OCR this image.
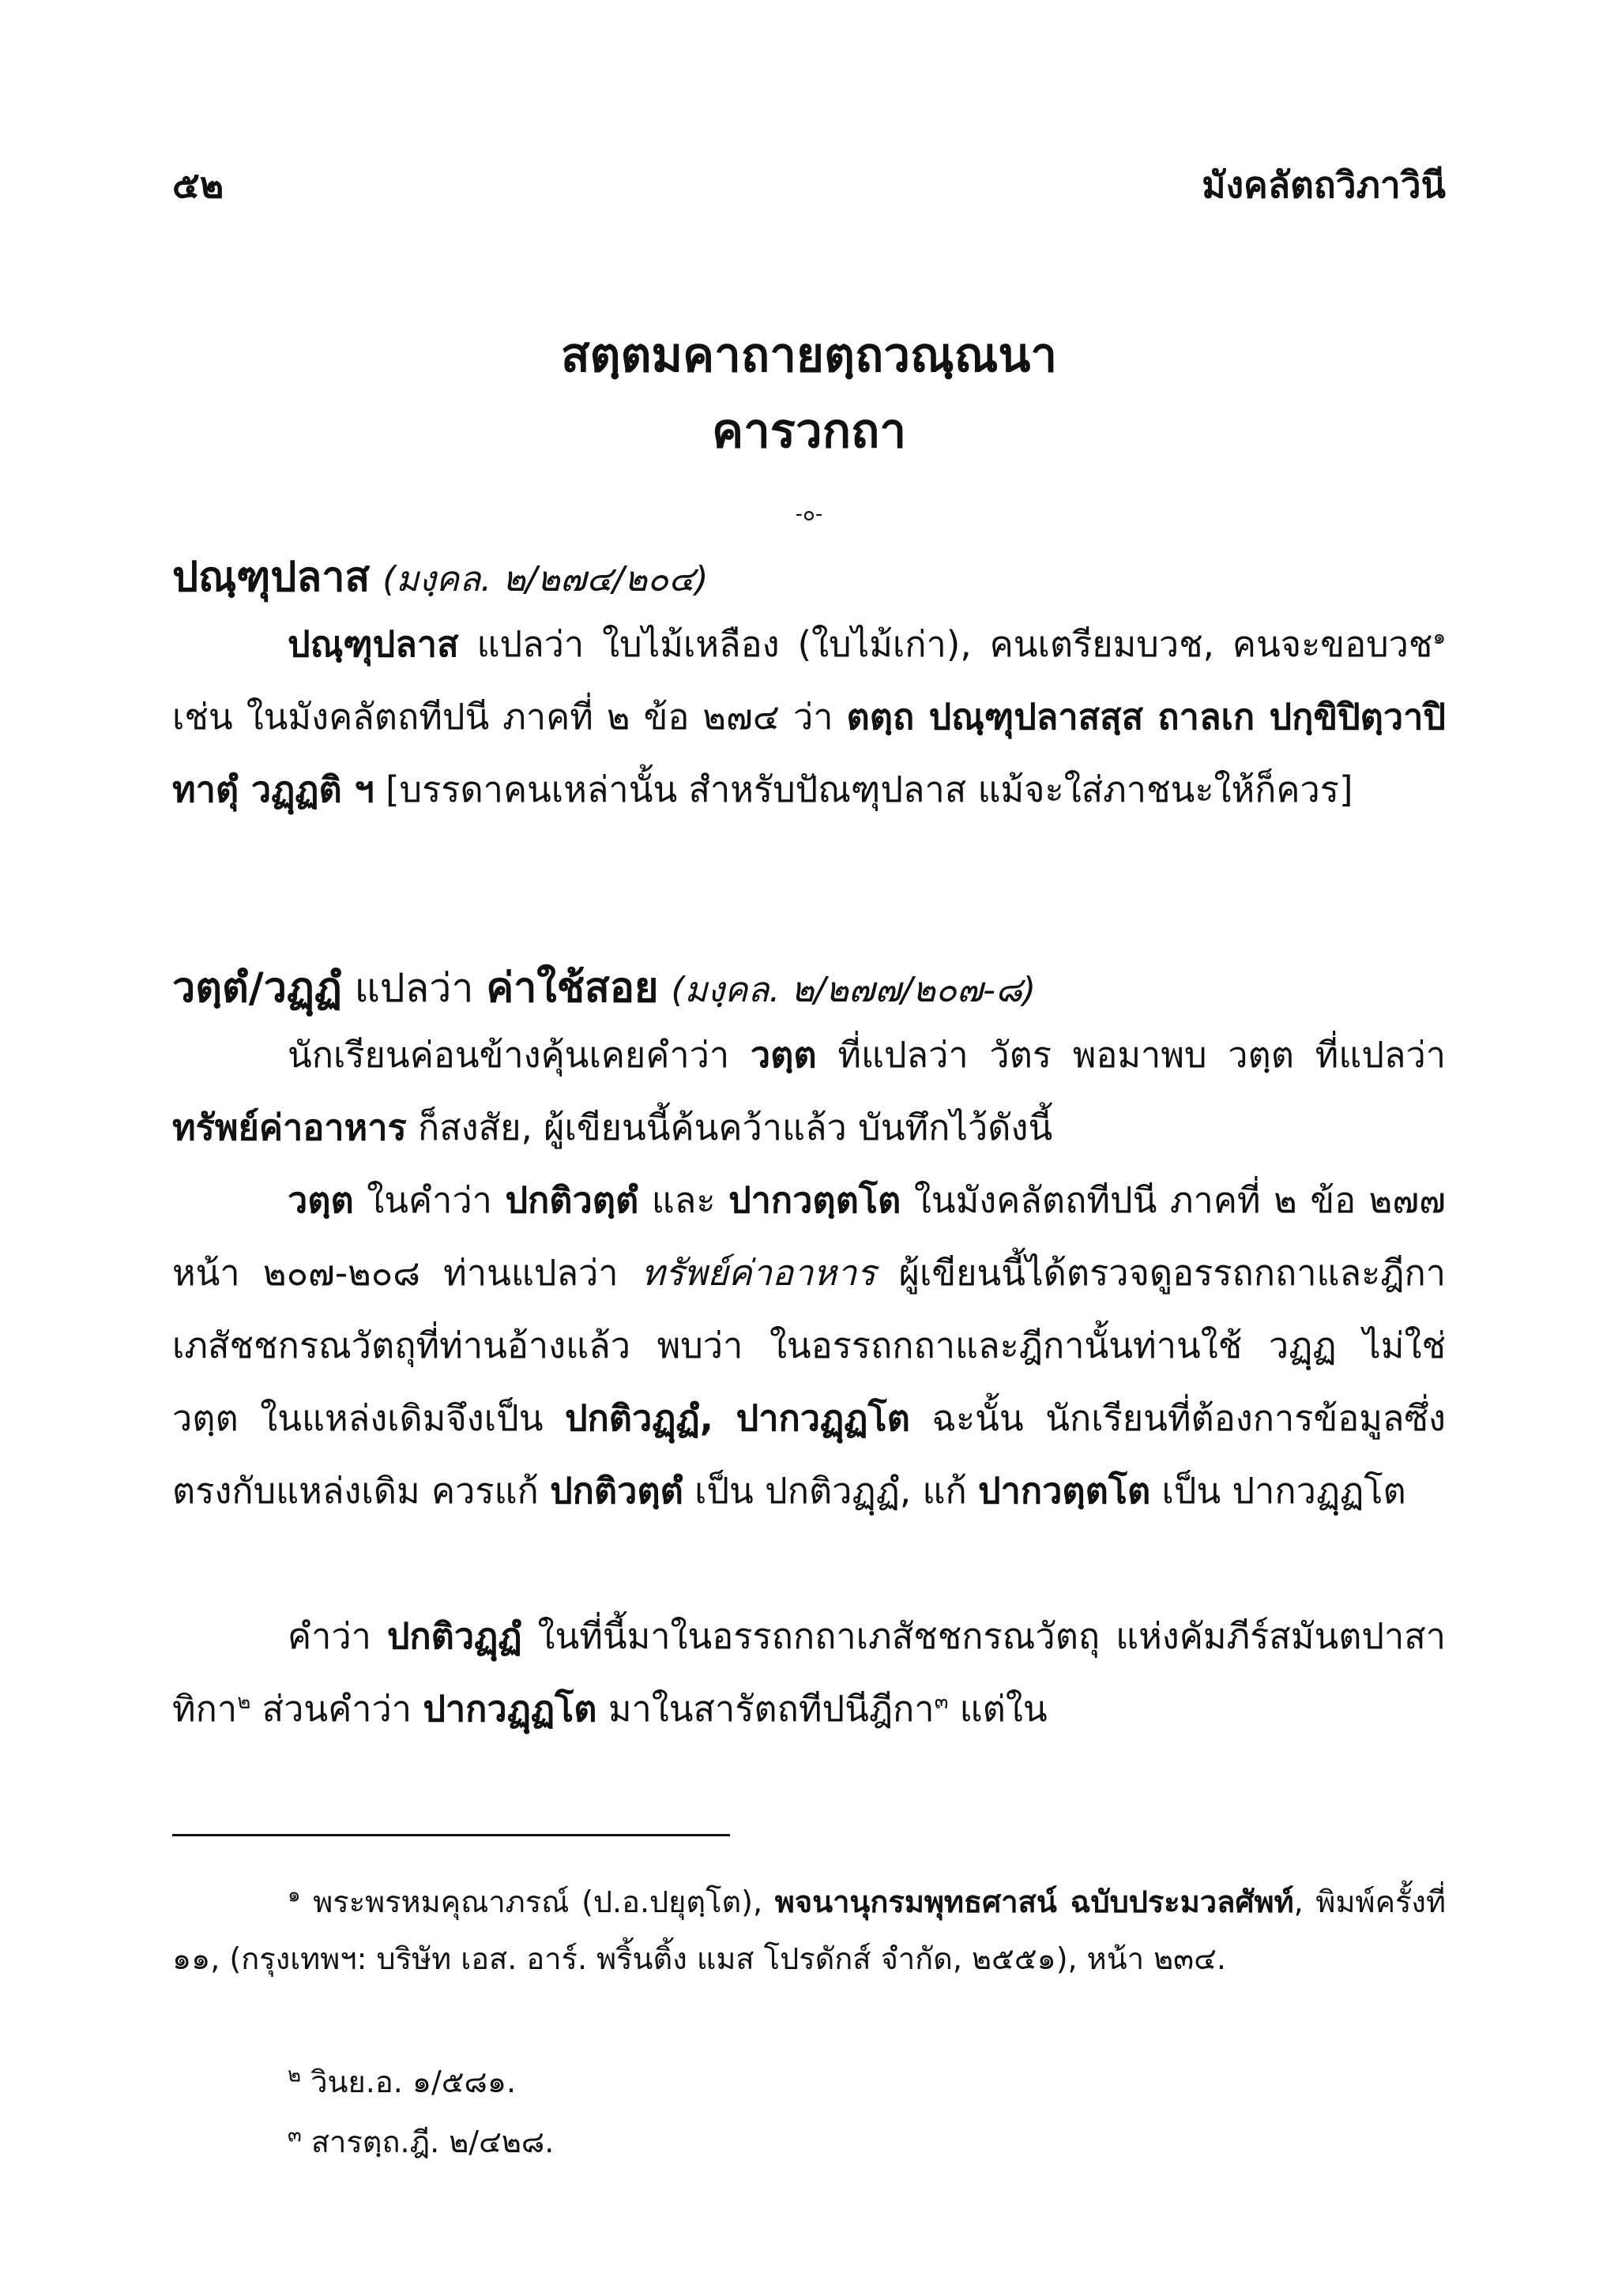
๕๒	มังคลัตถวิภาวินี
สตฺตมคาถายตฺถวณฺณนา
คารวกถา
-๐-
ปณฺฑุปลาส (มงฺคล. ๒/๒๗๔/๒๐๔)
ปณฺฑุปลาส แปลว่า ใบไม้เหลือง (ใบไม้เก่า), คนเตรียมบวช, คนจะขอบวช$^๑$ เช่น ในมังคลัตถทีปนี ภาคที่ ๒ ข้อ ๒๗๔ ว่า ตตฺถ ปณฺฑุปลาสสฺส ถาลเก ปกฺขิปิตฺวาปิ ทาตุํ วฏฺฏติ ฯ [บรรดาคนเหล่านั้น สำหรับปัณฑุปลาส แม้จะใส่ภาชนะให้ก็ควร]
วตฺตํ/วฏฺฏํ แปลว่า ค่าใช้สอย (มงฺคล. ๒/๒๗๗/๒๐๗-๘)
นักเรียนค่อนข้างคุ้นเคยคำว่า วตฺต ที่แปลว่า วัตร พอมาพบ วตฺต ที่แปลว่า ทรัพย์ค่าอาหาร ก็สงสัย, ผู้เขียนนี้ค้นคว้าแล้ว บันทึกไว้ดังนี้
วตฺต ในคำว่า ปกติวตฺตํ และ ปากวตฺตโต ในมังคลัตถทีปนี ภาคที่ ๒ ข้อ ๒๗๗ หน้า ๒๐๗-๒๐๘ ท่านแปลว่า ทรัพย์ค่าอาหาร ผู้เขียนนี้ได้ตรวจดูอรรถกถาและฎีกาเภสัชชกรณวัตถุที่ท่านอ้างแล้ว พบว่า ในอรรถกถาและฎีกานั้นท่านใช้ วฏฺฏ ไม่ใช่ วตฺต ในแหล่งเดิมจึงเป็น ปกติวฏฺฏํ, ปากวฏฺฏโต ฉะนั้น นักเรียนที่ต้องการข้อมูลซึ่งตรงกับแหล่งเดิม ควรแก้ ปกติวตฺตํ เป็น ปกติวฏฺฏํ, แก้ ปากวตฺตโต เป็น ปากวฏฺฏโต
คำว่า ปกติวฏฺฏํ ในที่นี้มาในอรรถกถาเภสัชชกรณวัตถุ แห่งคัมภีร์สมันตปาสาทิกา$^๒$ ส่วนคำว่า ปากวฏฺฏโต มาในสารัตถทีปนีฎีกา$^๓$ แต่ใน
$^๑$ พระพรหมคุณาภรณ์ (ป.อ.ปยุตฺโต), พจนานุกรมพุทธศาสน์ ฉบับประมวลศัพท์, พิมพ์ครั้งที่ ๑๑, (กรุงเทพฯ: บริษัท เอส. อาร์. พริ้นติ้ง แมส โปรดักส์ จำกัด, ๒๕๕๑), หน้า ๒๓๔.
$^๒$ วินย.อ. ๑/๕๘๑.
$^๓$ สารตฺถ.ฎี. ๒/๔๒๘.
